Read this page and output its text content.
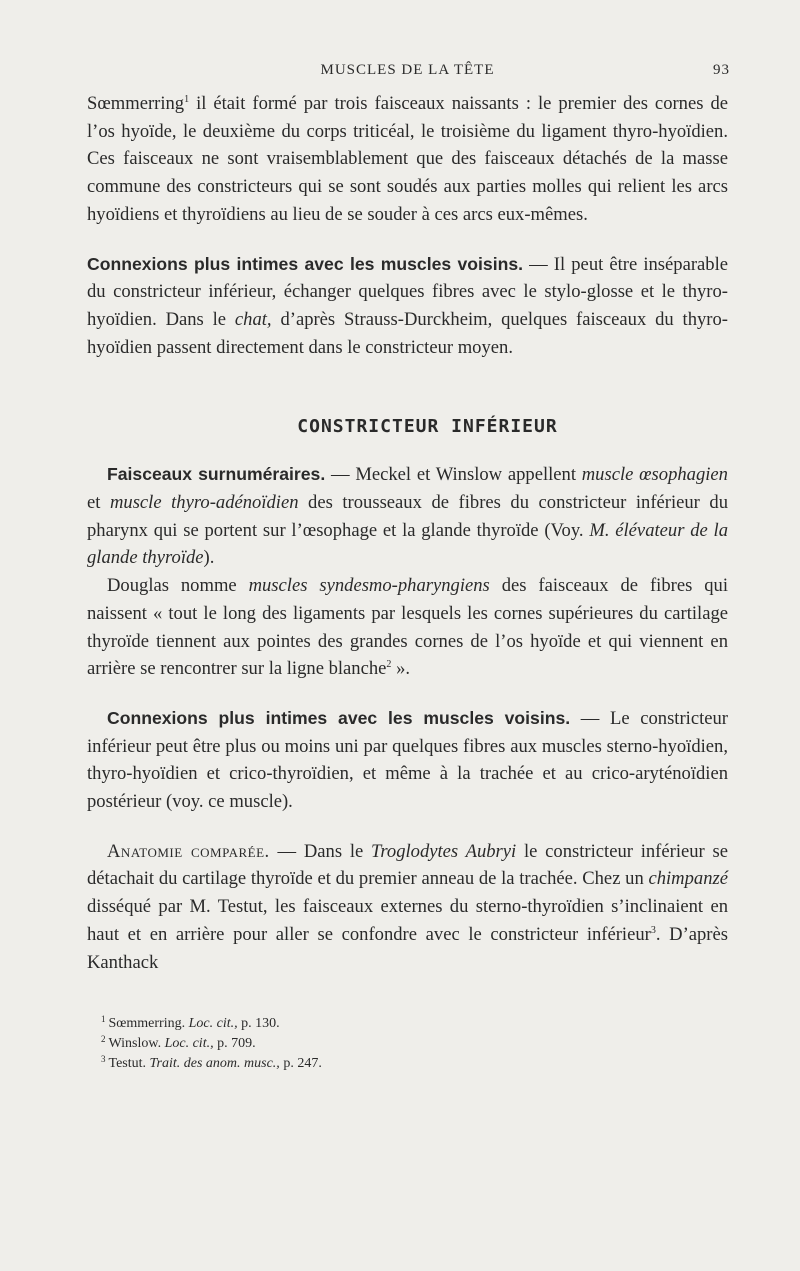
MUSCLES DE LA TÊTE	93

Sœmmerring$^1$ il était formé par trois faisceaux naissants : le premier des cornes de l’os hyoïde, le deuxième du corps triticéal, le troisième du ligament thyro-hyoïdien. Ces faisceaux ne sont vraisemblablement que des faisceaux détachés de la masse commune des constricteurs qui se sont soudés aux parties molles qui relient les arcs hyoïdiens et thyroïdiens au lieu de se souder à ces arcs eux-mêmes.

Connexions plus intimes avec les muscles voisins. — Il peut être inséparable du constricteur inférieur, échanger quelques fibres avec le stylo-glosse et le thyro-hyoïdien. Dans le chat, d’après Strauss-Durckheim, quelques faisceaux du thyro-hyoïdien passent directement dans le constricteur moyen.

CONSTRICTEUR INFÉRIEUR

Faisceaux surnuméraires. — Meckel et Winslow appellent muscle œsophagien et muscle thyro-adénoïdien des trousseaux de fibres du constricteur inférieur du pharynx qui se portent sur l’œsophage et la glande thyroïde (Voy. M. élévateur de la glande thyroïde).

Douglas nomme muscles syndesmo-pharyngiens des faisceaux de fibres qui naissent « tout le long des ligaments par lesquels les cornes supérieures du cartilage thyroïde tiennent aux pointes des grandes cornes de l’os hyoïde et qui viennent en arrière se rencontrer sur la ligne blanche$^2$ ».

Connexions plus intimes avec les muscles voisins. — Le constricteur inférieur peut être plus ou moins uni par quelques fibres aux muscles sterno-hyoïdien, thyro-hyoïdien et crico-thyroïdien, et même à la trachée et au crico-aryténoïdien postérieur (voy. ce muscle).

Anatomie comparée. — Dans le Troglodytes Aubryi le constricteur inférieur se détachait du cartilage thyroïde et du premier anneau de la trachée. Chez un chimpanzé disséqué par M. Testut, les faisceaux externes du sterno-thyroïdien s’inclinaient en haut et en arrière pour aller se confondre avec le constricteur inférieur$^3$. D’après Kanthack

$^1$ Sœmmerring. Loc. cit., p. 130.
$^2$ Winslow. Loc. cit., p. 709.
$^3$ Testut. Trait. des anom. musc., p. 247.
